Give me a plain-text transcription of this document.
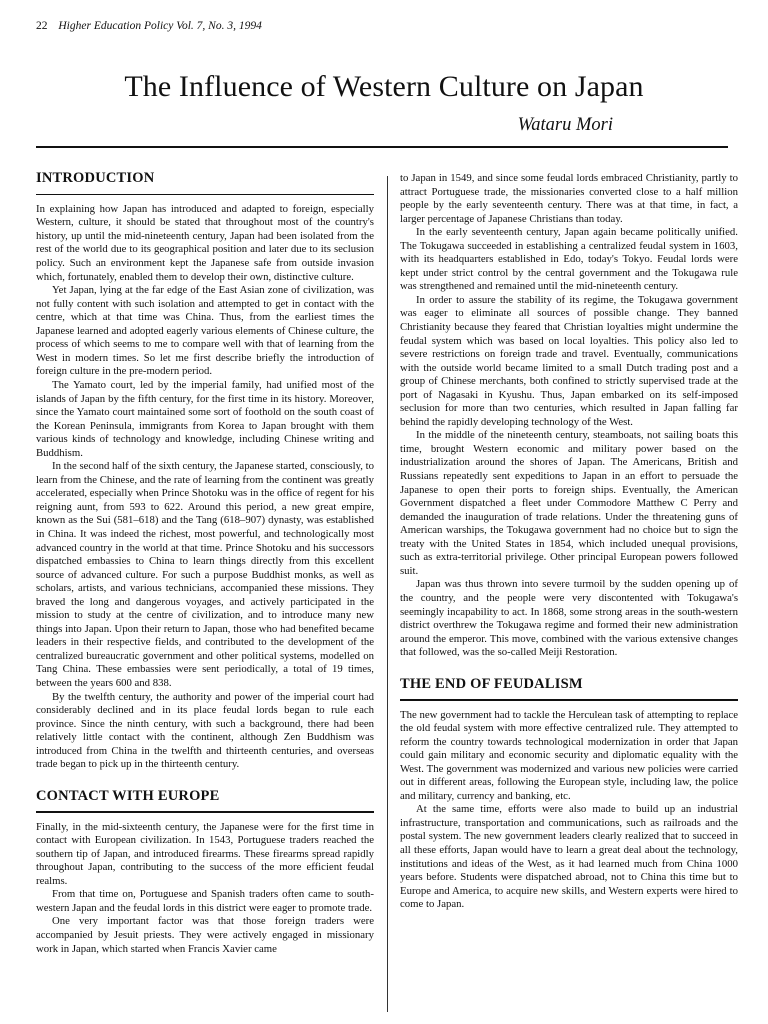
22 Higher Education Policy Vol. 7, No. 3, 1994
The Influence of Western Culture on Japan
Wataru Mori
INTRODUCTION

In explaining how Japan has introduced and adapted to foreign, especially Western, culture, it should be stated that throughout most of the country's history, up until the mid-nineteenth century, Japan had been isolated from the rest of the world due to its geographical position and later due to its seclusion policy. Such an environment kept the Japanese safe from outside invasion which, fortunately, enabled them to develop their own, distinctive culture.

Yet Japan, lying at the far edge of the East Asian zone of civilization, was not fully content with such isolation and attempted to get in contact with the centre, which at that time was China. Thus, from the earliest times the Japanese learned and adopted eagerly various elements of Chinese culture, the process of which seems to me to compare well with that of learning from the West in modern times. So let me first describe briefly the introduction of foreign culture in the pre-modern period.

The Yamato court, led by the imperial family, had unified most of the islands of Japan by the fifth century, for the first time in its history. Moreover, since the Yamato court maintained some sort of foothold on the south coast of the Korean Peninsula, immigrants from Korea to Japan brought with them various kinds of technology and knowledge, including Chinese writing and Buddhism.

In the second half of the sixth century, the Japanese started, consciously, to learn from the Chinese, and the rate of learning from the continent was greatly accelerated, especially when Prince Shotoku was in the office of regent for his reigning aunt, from 593 to 622. Around this period, a new great empire, known as the Sui (581–618) and the Tang (618–907) dynasty, was established in China. It was indeed the richest, most powerful, and technologically most advanced country in the world at that time. Prince Shotoku and his successors dispatched embassies to China to learn things directly from this excellent source of advanced culture. For such a purpose Buddhist monks, as well as scholars, artists, and various technicians, accompanied these missions. They braved the long and dangerous voyages, and actively participated in the mission to study at the centre of civilization, and to introduce many new things into Japan. Upon their return to Japan, those who had benefited became leaders in their respective fields, and contributed to the development of the centralized bureaucratic government and other political systems, modelled on Tang China. These embassies were sent periodically, a total of 19 times, between the years 600 and 838.

By the twelfth century, the authority and power of the imperial court had considerably declined and in its place feudal lords began to rule each province. Since the ninth century, with such a background, there had been relatively little contact with the continent, although Zen Buddhism was introduced from China in the twelfth and thirteenth centuries, and overseas trade began to pick up in the thirteenth century.

CONTACT WITH EUROPE

Finally, in the mid-sixteenth century, the Japanese were for the first time in contact with European civilization. In 1543, Portuguese traders reached the southern tip of Japan, and introduced firearms. These firearms spread rapidly throughout Japan, contributing to the success of the more efficient feudal realms.

From that time on, Portuguese and Spanish traders often came to south-western Japan and the feudal lords in this district were eager to promote trade.

One very important factor was that those foreign traders were accompanied by Jesuit priests. They were actively engaged in missionary work in Japan, which started when Francis Xavier came

to Japan in 1549, and since some feudal lords embraced Christianity, partly to attract Portuguese trade, the missionaries converted close to a half million people by the early seventeenth century. There was at that time, in fact, a larger percentage of Japanese Christians than today.

In the early seventeenth century, Japan again became politically unified. The Tokugawa succeeded in establishing a centralized feudal system in 1603, with its headquarters established in Edo, today's Tokyo. Feudal lords were kept under strict control by the central government and the Tokugawa rule was strengthened and remained until the mid-nineteenth century.

In order to assure the stability of its regime, the Tokugawa government was eager to eliminate all sources of possible change. They banned Christianity because they feared that Christian loyalties might undermine the feudal system which was based on local loyalties. This policy also led to severe restrictions on foreign trade and travel. Eventually, communications with the outside world became limited to a small Dutch trading post and a group of Chinese merchants, both confined to strictly supervised trade at the port of Nagasaki in Kyushu. Thus, Japan embarked on its self-imposed seclusion for more than two centuries, which resulted in Japan falling far behind the rapidly developing technology of the West.

In the middle of the nineteenth century, steamboats, not sailing boats this time, brought Western economic and military power based on the industrialization around the shores of Japan. The Americans, British and Russians repeatedly sent expeditions to Japan in an effort to persuade the Japanese to open their ports to foreign ships. Eventually, the American Government dispatched a fleet under Commodore Matthew C Perry and demanded the inauguration of trade relations. Under the threatening guns of American warships, the Tokugawa government had no choice but to sign the treaty with the United States in 1854, which included unequal provisions, such as extra-territorial privilege. Other principal European powers followed suit.

Japan was thus thrown into severe turmoil by the sudden opening up of the country, and the people were very discontented with Tokugawa's seemingly incapability to act. In 1868, some strong areas in the south-western district overthrew the Tokugawa regime and formed their new administration around the emperor. This move, combined with the various extensive changes that followed, was the so-called Meiji Restoration.

THE END OF FEUDALISM

The new government had to tackle the Herculean task of attempting to replace the old feudal system with more effective centralized rule. They attempted to reform the country towards technological modernization in order that Japan could gain military and economic security and diplomatic equality with the West. The government was modernized and various new policies were carried out in different areas, following the European style, including law, the police and military, currency and banking, etc.

At the same time, efforts were also made to build up an industrial infrastructure, transportation and communications, such as railroads and the postal system. The new government leaders clearly realized that to succeed in all these efforts, Japan would have to learn a great deal about the technology, institutions and ideas of the West, as it had learned much from China 1000 years before. Students were dispatched abroad, not to China this time but to Europe and America, to acquire new skills, and Western experts were hired to come to Japan.
